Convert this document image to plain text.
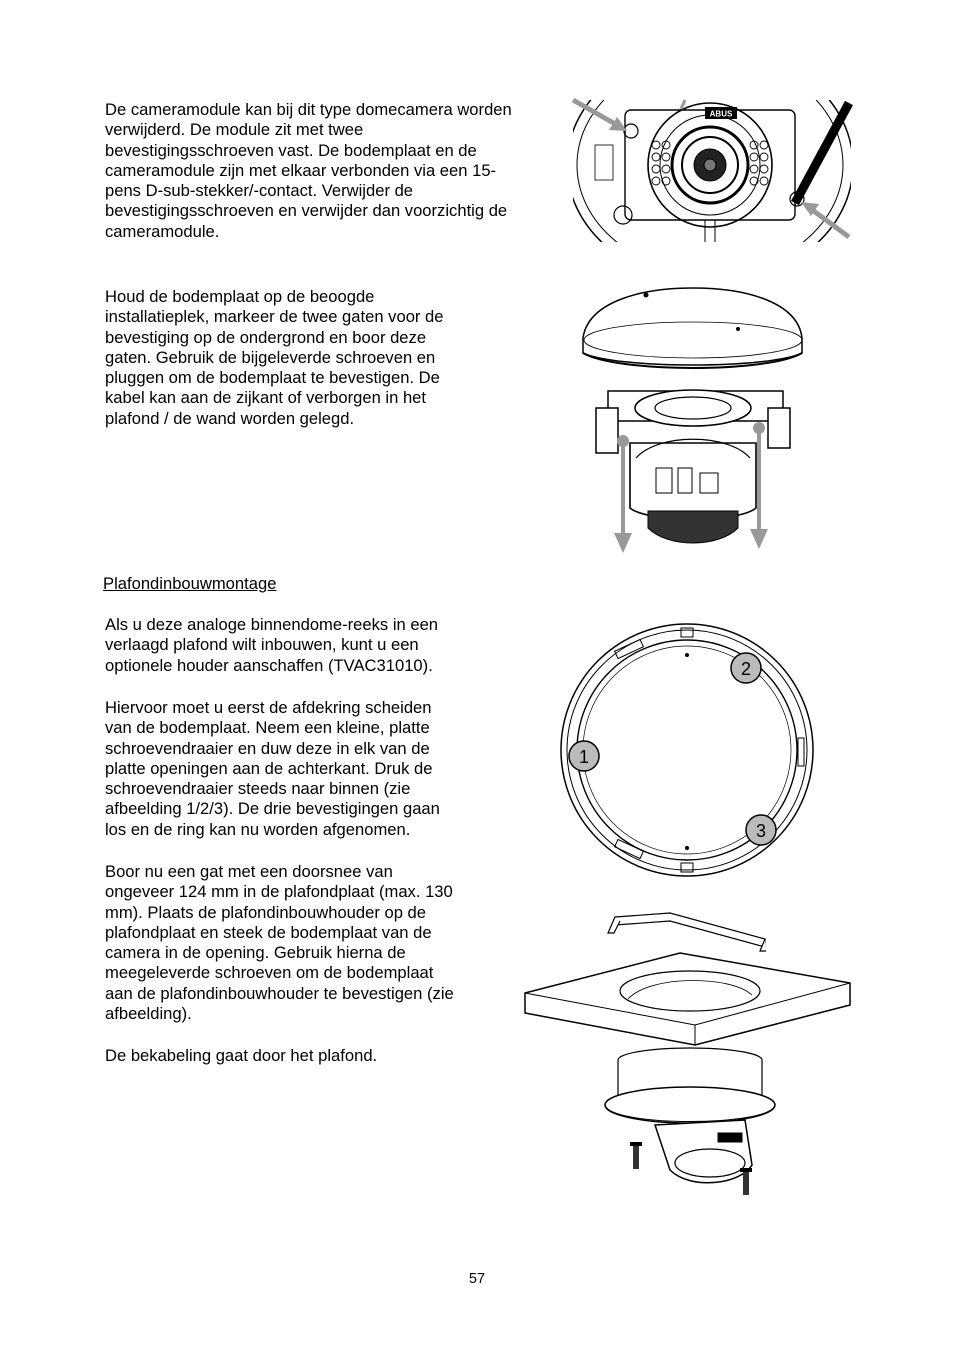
De cameramodule kan bij dit type domecamera worden
verwijderd. De module zit met twee
bevestigingsschroeven vast. De bodemplaat en de
cameramodule zijn met elkaar verbonden via een 15-
pens D-sub-stekker/-contact. Verwijder de
bevestigingsschroeven en verwijder dan voorzichtig de
cameramodule.

Houd de bodemplaat op de beoogde
installatieplek, markeer de twee gaten voor de
bevestiging op de ondergrond en boor deze
gaten. Gebruik de bijgeleverde schroeven en
pluggen om de bodemplaat te bevestigen. De
kabel kan aan de zijkant of verborgen in het
plafond / de wand worden gelegd.

Plafondinbouwmontage

Als u deze analoge binnendome-reeks in een
verlaagd plafond wilt inbouwen, kunt u een
optionele houder aanschaffen (TVAC31010).

Hiervoor moet u eerst de afdekring scheiden
van de bodemplaat. Neem een kleine, platte
schroevendraaier en duw deze in elk van de
platte openingen aan de achterkant. Druk de
schroevendraaier steeds naar binnen (zie
afbeelding 1/2/3). De drie bevestigingen gaan
los en de ring kan nu worden afgenomen.

Boor nu een gat met een doorsnee van
ongeveer 124 mm in de plafondplaat (max. 130
mm). Plaats de plafondinbouwhouder op de
plafondplaat en steek de bodemplaat van de
camera in de opening. Gebruik hierna de
meegeleverde schroeven om de bodemplaat
aan de plafondinbouwhouder te bevestigen (zie
afbeelding).

De bekabeling gaat door het plafond.

ABUS
2
1
3
57
